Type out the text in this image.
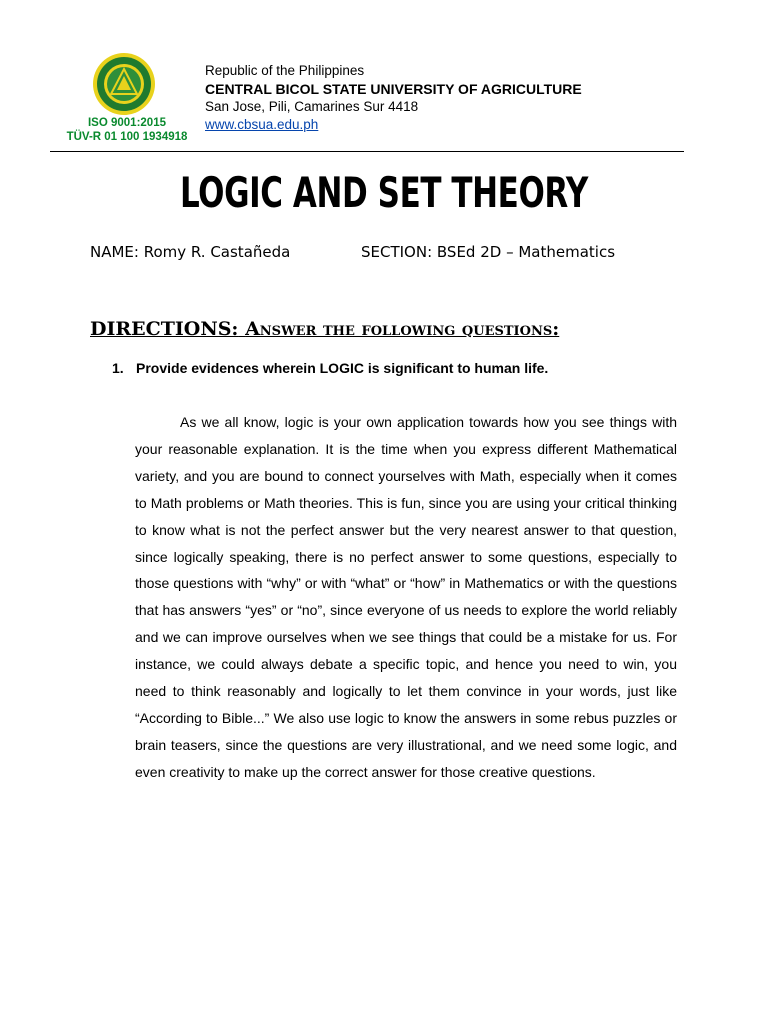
ISO 9001:2015
TÜV-R 01 100 1934918
Republic of the Philippines
CENTRAL BICOL STATE UNIVERSITY OF AGRICULTURE
San Jose, Pili, Camarines Sur 4418
www.cbsua.edu.ph
LOGIC AND SET THEORY
NAME: Romy R. Castañeda	SECTION: BSEd 2D – Mathematics
DIRECTIONS: Answer the following questions:
1. Provide evidences wherein LOGIC is significant to human life.

As we all know, logic is your own application towards how you see things with your reasonable explanation. It is the time when you express different Mathematical variety, and you are bound to connect yourselves with Math, especially when it comes to Math problems or Math theories. This is fun, since you are using your critical thinking to know what is not the perfect answer but the very nearest answer to that question, since logically speaking, there is no perfect answer to some questions, especially to those questions with “why” or with “what” or “how” in Mathematics or with the questions that has answers “yes” or “no”, since everyone of us needs to explore the world reliably and we can improve ourselves when we see things that could be a mistake for us. For instance, we could always debate a specific topic, and hence you need to win, you need to think reasonably and logically to let them convince in your words, just like “According to Bible...” We also use logic to know the answers in some rebus puzzles or brain teasers, since the questions are very illustrational, and we need some logic, and even creativity to make up the correct answer for those creative questions.
